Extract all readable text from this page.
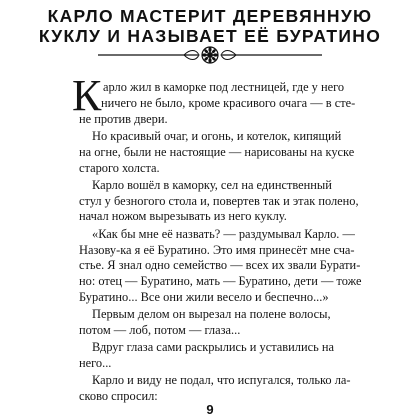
КАРЛО МАСТЕРИТ ДЕРЕВЯННУЮ
КУКЛУ И НАЗЫВАЕТ ЕЁ БУРАТИНО
К арло жил в каморке под лестницей, где у него
ничего не было, кроме красивого очага — в сте-
не против двери.
Но красивый очаг, и огонь, и котелок, кипящий
на огне, были не настоящие — нарисованы на куске
старого холста.
Карло вошёл в каморку, сел на единственный
стул у безногого стола и, повертев так и этак полено,
начал ножом вырезывать из него куклу.
«Как бы мне её назвать? — раздумывал Карло. —
Назову-ка я её Буратино. Это имя принесёт мне сча-
стье. Я знал одно семейство — всех их звали Бурати-
но: отец — Буратино, мать — Буратино, дети — тоже
Буратино... Все они жили весело и беспечно...»
Первым делом он вырезал на полене волосы,
потом — лоб, потом — глаза...
9
Вдруг глаза сами раскрылись и уставились на
него...
Карло и виду не подал, что испугался, только ла-
сково спросил:
